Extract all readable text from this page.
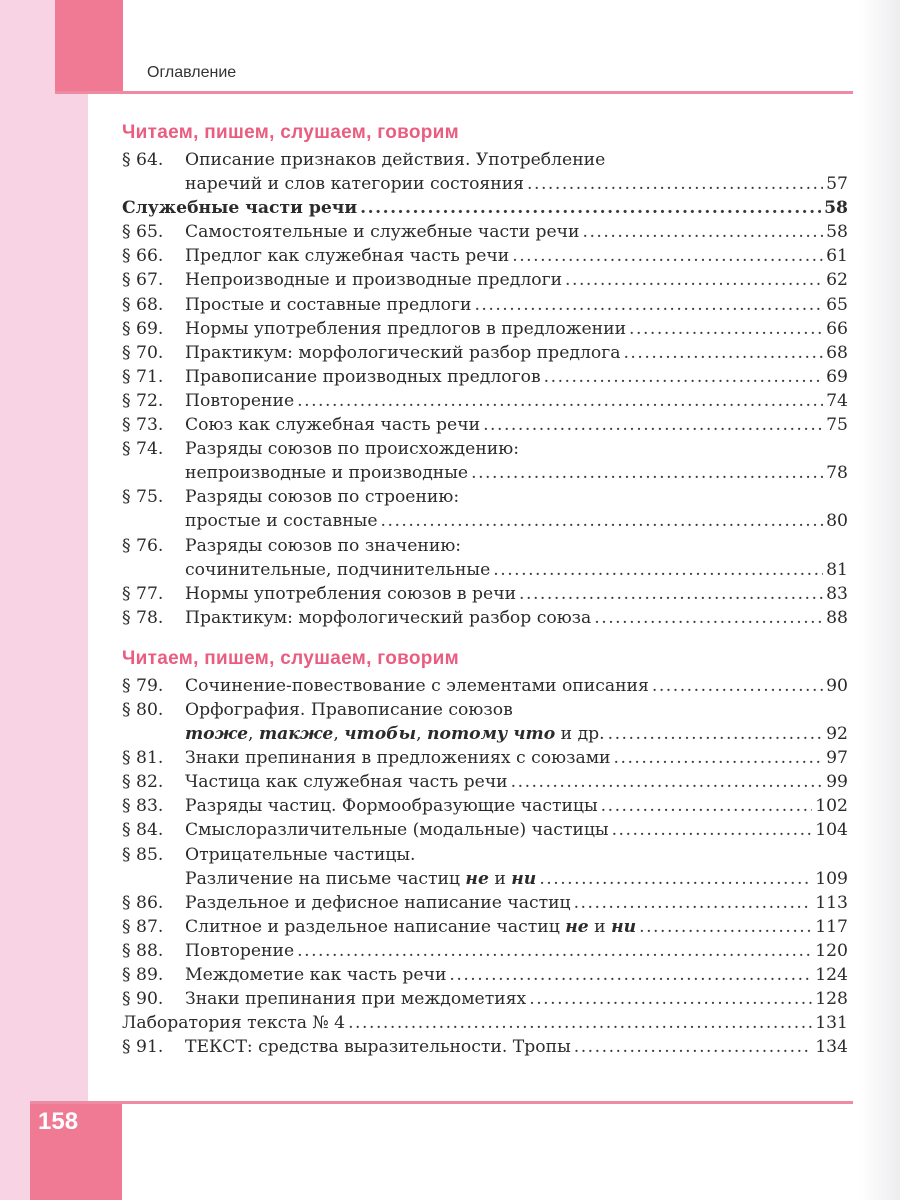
Оглавление
Читаем, пишем, слушаем, говорим
§ 64.	Описание признаков действия. Употребление
наречий и слов категории состояния .....	57
Служебные части речи .....	58
§ 65.	Самостоятельные и служебные части речи .....	58
§ 66.	Предлог как служебная часть речи .....	61
§ 67.	Непроизводные и производные предлоги .....	62
§ 68.	Простые и составные предлоги .....	65
§ 69.	Нормы употребления предлогов в предложении .....	66
§ 70.	Практикум: морфологический разбор предлога .....	68
§ 71.	Правописание производных предлогов .....	69
§ 72.	Повторение .....	74
§ 73.	Союз как служебная часть речи .....	75
§ 74.	Разряды союзов по происхождению:
непроизводные и производные .....	78
§ 75.	Разряды союзов по строению:
простые и составные .....	80
§ 76.	Разряды союзов по значению:
сочинительные, подчинительные .....	81
§ 77.	Нормы употребления союзов в речи .....	83
§ 78.	Практикум: морфологический разбор союза .....	88
Читаем, пишем, слушаем, говорим
§ 79.	Сочинение-повествование с элементами описания .....	90
§ 80.	Орфография. Правописание союзов
тоже, также, чтобы, потому что и др. .....	92
§ 81.	Знаки препинания в предложениях с союзами .....	97
§ 82.	Частица как служебная часть речи .....	99
§ 83.	Разряды частиц. Формообразующие частицы .....	102
§ 84.	Смыслоразличительные (модальные) частицы .....	104
§ 85.	Отрицательные частицы.
Различение на письме частиц не и ни .....	109
§ 86.	Раздельное и дефисное написание частиц .....	113
§ 87.	Слитное и раздельное написание частиц не и ни .....	117
§ 88.	Повторение .....	120
§ 89.	Междометие как часть речи .....	124
§ 90.	Знаки препинания при междометиях .....	128
Лаборатория текста № 4 .....	131
§ 91.	ТЕКСТ: средства выразительности. Тропы .....	134
158
